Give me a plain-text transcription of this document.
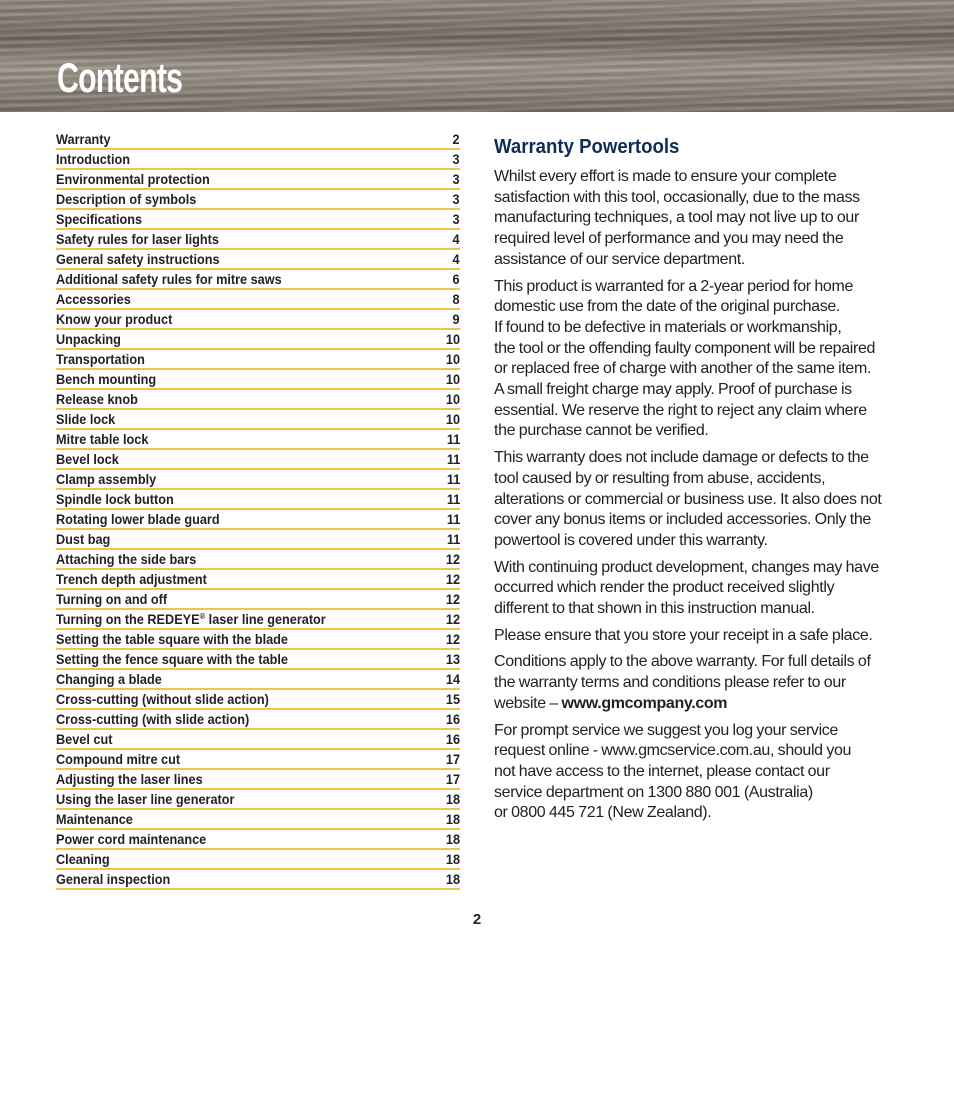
Contents
Warranty	2
Introduction	3
Environmental protection	3
Description of symbols	3
Specifications	3
Safety rules for laser lights	4
General safety instructions	4
Additional safety rules for mitre saws	6
Accessories	8
Know your product	9
Unpacking	10
Transportation	10
Bench mounting	10
Release knob	10
Slide lock	10
Mitre table lock	11
Bevel lock	11
Clamp assembly	11
Spindle lock button	11
Rotating lower blade guard	11
Dust bag	11
Attaching the side bars	12
Trench depth adjustment	12
Turning on and off	12
Turning on the REDEYE® laser line generator	12
Setting the table square with the blade	12
Setting the fence square with the table	13
Changing a blade	14
Cross-cutting (without slide action)	15
Cross-cutting (with slide action)	16
Bevel cut	16
Compound mitre cut	17
Adjusting the laser lines	17
Using the laser line generator	18
Maintenance	18
Power cord maintenance	18
Cleaning	18
General inspection	18
Warranty Powertools

Whilst every effort is made to ensure your complete
satisfaction with this tool, occasionally, due to the mass
manufacturing techniques, a tool may not live up to our
required level of performance and you may need the
assistance of our service department.

This product is warranted for a 2-year period for home
domestic use from the date of the original purchase.
If found to be defective in materials or workmanship,
the tool or the offending faulty component will be repaired
or replaced free of charge with another of the same item.
A small freight charge may apply. Proof of purchase is
essential. We reserve the right to reject any claim where
the purchase cannot be verified.

This warranty does not include damage or defects to the
tool caused by or resulting from abuse, accidents,
alterations or commercial or business use. It also does not
cover any bonus items or included accessories. Only the
powertool is covered under this warranty.

With continuing product development, changes may have
occurred which render the product received slightly
different to that shown in this instruction manual.

Please ensure that you store your receipt in a safe place.

Conditions apply to the above warranty. For full details of
the warranty terms and conditions please refer to our
website – www.gmcompany.com

For prompt service we suggest you log your service
request online - www.gmcservice.com.au, should you
not have access to the internet, please contact our
service department on 1300 880 001 (Australia)
or 0800 445 721 (New Zealand).

2
